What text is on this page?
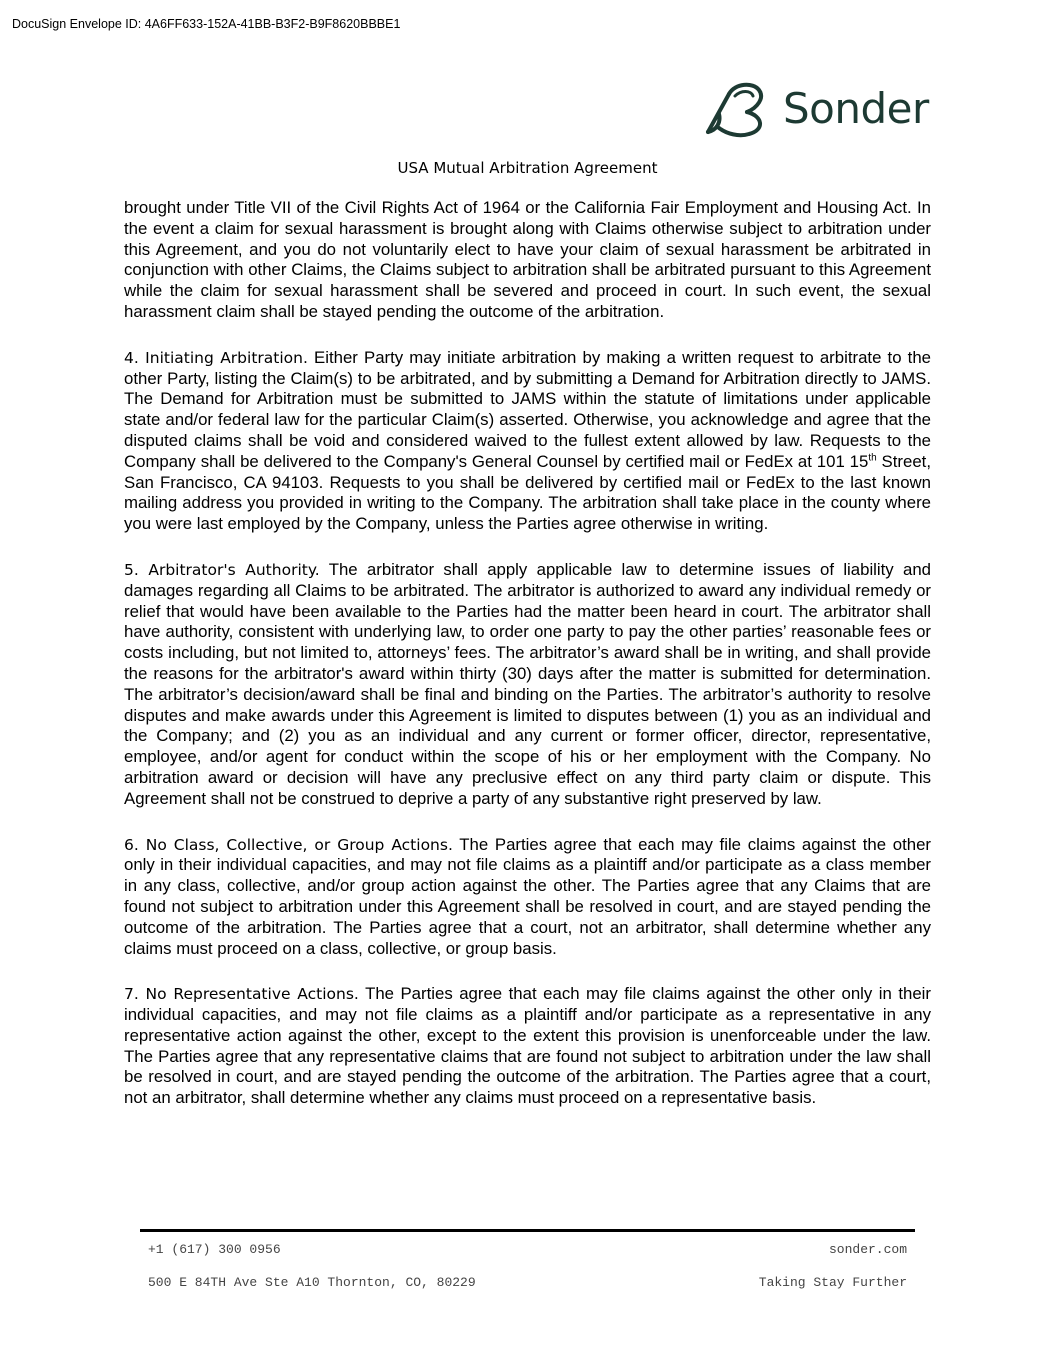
DocuSign Envelope ID: 4A6FF633-152A-41BB-B3F2-B9F8620BBBE1
Sonder
USA Mutual Arbitration Agreement

brought under Title VII of the Civil Rights Act of 1964 or the California Fair Employment and Housing Act. In the event a claim for sexual harassment is brought along with Claims otherwise subject to arbitration under this Agreement, and you do not voluntarily elect to have your claim of sexual harassment be arbitrated in conjunction with other Claims, the Claims subject to arbitration shall be arbitrated pursuant to this Agreement while the claim for sexual harassment shall be severed and proceed in court. In such event, the sexual harassment claim shall be stayed pending the outcome of the arbitration.

4. Initiating Arbitration. Either Party may initiate arbitration by making a written request to arbitrate to the other Party, listing the Claim(s) to be arbitrated, and by submitting a Demand for Arbitration directly to JAMS. The Demand for Arbitration must be submitted to JAMS within the statute of limitations under applicable state and/or federal law for the particular Claim(s) asserted. Otherwise, you acknowledge and agree that the disputed claims shall be void and considered waived to the fullest extent allowed by law. Requests to the Company shall be delivered to the Company's General Counsel by certified mail or FedEx at 101 15th Street, San Francisco, CA 94103. Requests to you shall be delivered by certified mail or FedEx to the last known mailing address you provided in writing to the Company. The arbitration shall take place in the county where you were last employed by the Company, unless the Parties agree otherwise in writing.

5. Arbitrator's Authority. The arbitrator shall apply applicable law to determine issues of liability and damages regarding all Claims to be arbitrated. The arbitrator is authorized to award any individual remedy or relief that would have been available to the Parties had the matter been heard in court. The arbitrator shall have authority, consistent with underlying law, to order one party to pay the other parties’ reasonable fees or costs including, but not limited to, attorneys’ fees. The arbitrator’s award shall be in writing, and shall provide the reasons for the arbitrator's award within thirty (30) days after the matter is submitted for determination. The arbitrator’s decision/award shall be final and binding on the Parties. The arbitrator’s authority to resolve disputes and make awards under this Agreement is limited to disputes between (1) you as an individual and the Company; and (2) you as an individual and any current or former officer, director, representative, employee, and/or agent for conduct within the scope of his or her employment with the Company. No arbitration award or decision will have any preclusive effect on any third party claim or dispute. This Agreement shall not be construed to deprive a party of any substantive right preserved by law.

6. No Class, Collective, or Group Actions. The Parties agree that each may file claims against the other only in their individual capacities, and may not file claims as a plaintiff and/or participate as a class member in any class, collective, and/or group action against the other. The Parties agree that any Claims that are found not subject to arbitration under this Agreement shall be resolved in court, and are stayed pending the outcome of the arbitration. The Parties agree that a court, not an arbitrator, shall determine whether any claims must proceed on a class, collective, or group basis.

7. No Representative Actions. The Parties agree that each may file claims against the other only in their individual capacities, and may not file claims as a plaintiff and/or participate as a representative in any representative action against the other, except to the extent this provision is unenforceable under the law. The Parties agree that any representative claims that are found not subject to arbitration under the law shall be resolved in court, and are stayed pending the outcome of the arbitration. The Parties agree that a court, not an arbitrator, shall determine whether any claims must proceed on a representative basis.

+1 (617) 300 0956	sonder.com
500 E 84TH Ave Ste A10 Thornton, CO, 80229	Taking Stay Further
